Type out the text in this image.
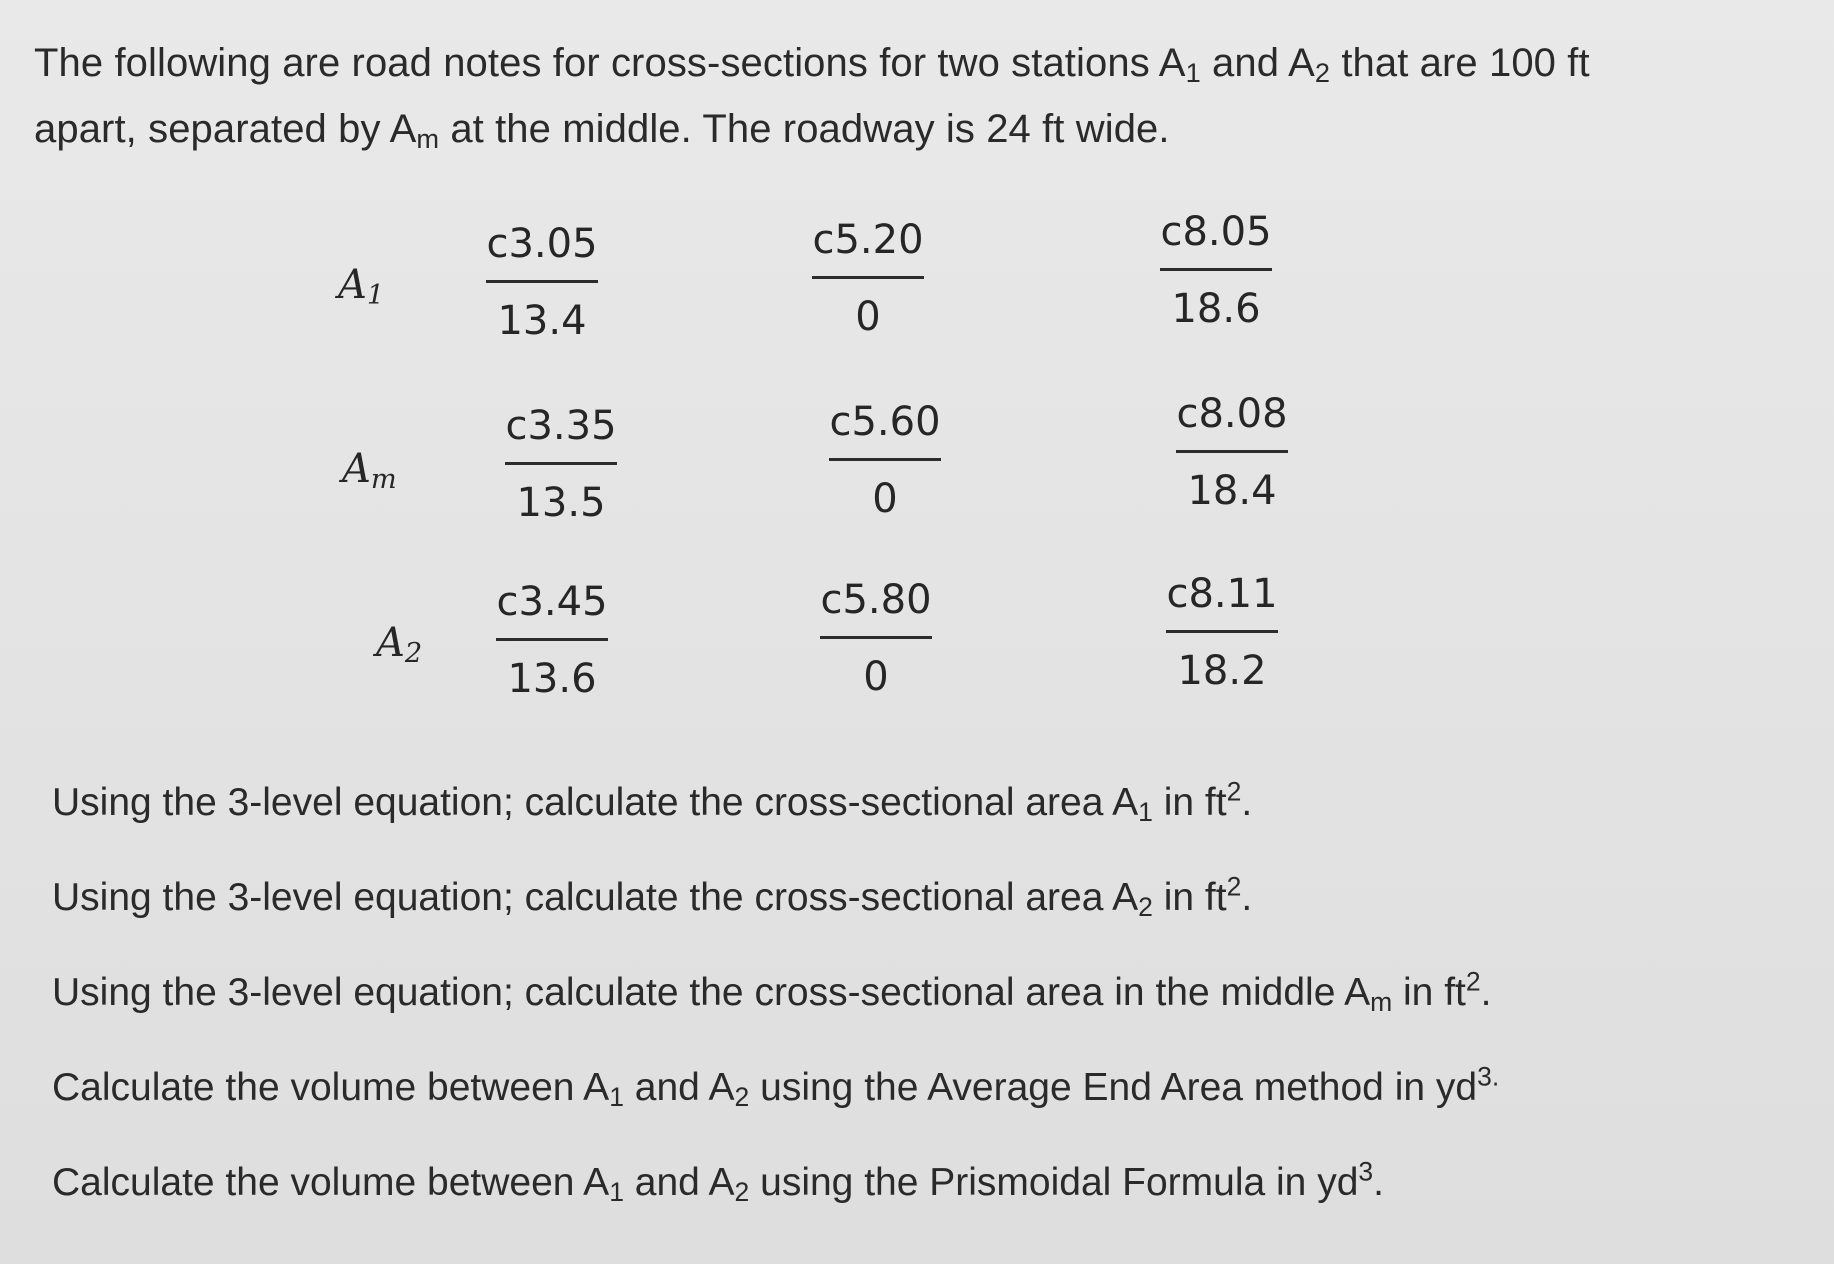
The following are road notes for cross-sections for two stations $A_1$ and $A_2$ that are 100 ft

apart, separated by $A_m$ at the middle. The roadway is 24 ft wide.

$A_1$
c3.05
13.4
c5.20
0
c8.05
18.6
$A_m$
c3.35
13.5
c5.60
0
c8.08
18.4
$A_2$
c3.45
13.6
c5.80
0
c8.11
18.2

Using the 3-level equation; calculate the cross-sectional area $A_1$ in $ft^2$.

Using the 3-level equation; calculate the cross-sectional area $A_2$ in $ft^2$.

Using the 3-level equation; calculate the cross-sectional area in the middle $A_m$ in $ft^2$.

Calculate the volume between $A_1$ and $A_2$ using the Average End Area method in $yd^{3.}$

Calculate the volume between $A_1$ and $A_2$ using the Prismoidal Formula in $yd^3$.
